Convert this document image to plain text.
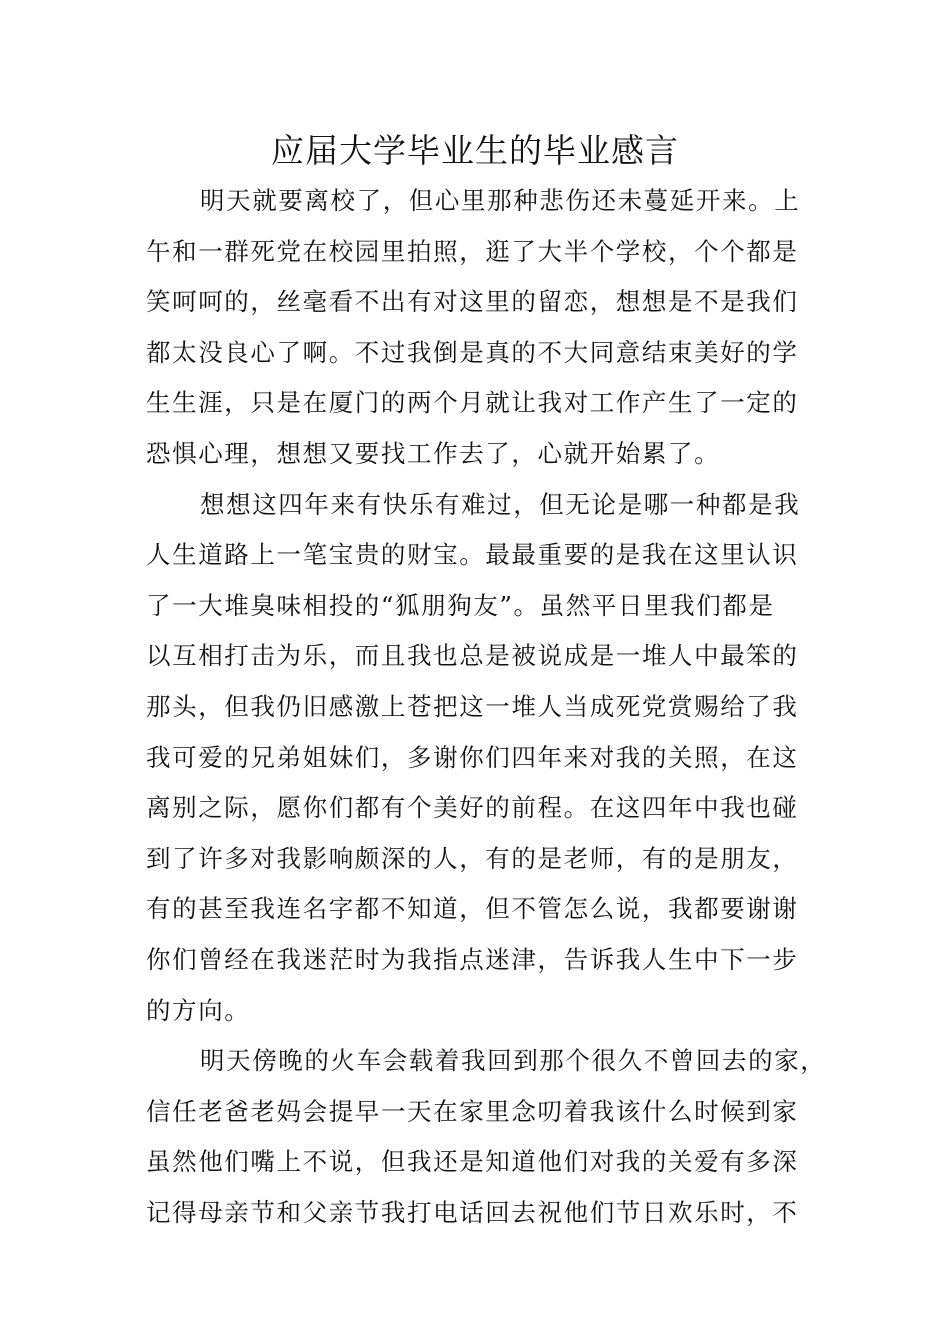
应届大学毕业生的毕业感言
明天就要离校了，但心里那种悲伤还未蔓延开来。上
午和一群死党在校园里拍照，逛了大半个学校，个个都是
笑呵呵的，丝毫看不出有对这里的留恋，想想是不是我们
都太没良心了啊。不过我倒是真的不大同意结束美好的学
生生涯，只是在厦门的两个月就让我对工作产生了一定的
恐惧心理，想想又要找工作去了，心就开始累了。
想想这四年来有快乐有难过，但无论是哪一种都是我
人生道路上一笔宝贵的财宝。最最重要的是我在这里认识
了一大堆臭味相投的“狐朋狗友”。虽然平日里我们都是
以互相打击为乐，而且我也总是被说成是一堆人中最笨的
那头，但我仍旧感激上苍把这一堆人当成死党赏赐给了我
我可爱的兄弟姐妹们，多谢你们四年来对我的关照，在这
离别之际，愿你们都有个美好的前程。在这四年中我也碰
到了许多对我影响颇深的人，有的是老师，有的是朋友，
有的甚至我连名字都不知道，但不管怎么说，我都要谢谢
你们曾经在我迷茫时为我指点迷津，告诉我人生中下一步
的方向。
明天傍晚的火车会载着我回到那个很久不曾回去的家，
信任老爸老妈会提早一天在家里念叨着我该什么时候到家
虽然他们嘴上不说，但我还是知道他们对我的关爱有多深
记得母亲节和父亲节我打电话回去祝他们节日欢乐时，不
